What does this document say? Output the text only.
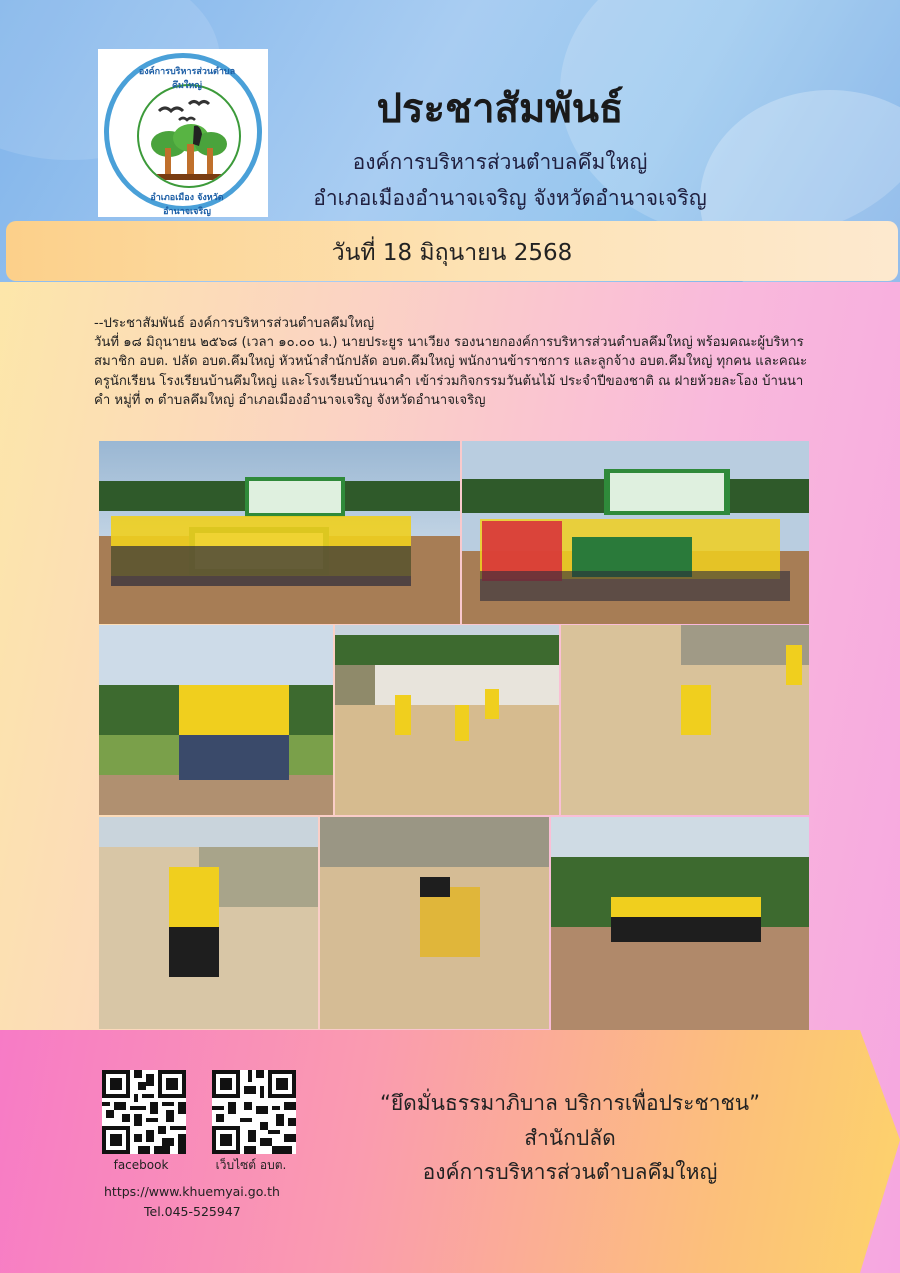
องค์การบริหารส่วนตำบลคึมใหญ่
อำเภอเมือง จังหวัดอำนาจเจริญ
ประชาสัมพันธ์
องค์การบริหารส่วนตำบลคึมใหญ่
อำเภอเมืองอำนาจเจริญ จังหวัดอำนาจเจริญ
วันที่ 18 มิถุนายน 2568

--ประชาสัมพันธ์ องค์การบริหารส่วนตำบลคึมใหญ่

วันที่ ๑๘ มิถุนายน ๒๕๖๘ (เวลา ๑๐.๐๐ น.) นายประยูร นาเวียง รองนายกองค์การบริหารส่วนตำบลคึมใหญ่ พร้อมคณะผู้บริหาร สมาชิก อบต. ปลัด อบต.คึมใหญ่ หัวหน้าสำนักปลัด อบต.คึมใหญ่ พนักงานข้าราชการ และลูกจ้าง อบต.คึมใหญ่ ทุกคน และคณะครูนักเรียน โรงเรียนบ้านคึมใหญ่ และโรงเรียนบ้านนาคำ เข้าร่วมกิจกรรมวันต้นไม้ ประจำปีของชาติ ณ ฝายห้วยละโอง บ้านนาคำ หมู่ที่ ๓ ตำบลคึมใหญ่ อำเภอเมืองอำนาจเจริญ จังหวัดอำนาจเจริญ

facebook	เว็บไซต์ อบต.
https://www.khuemyai.go.th
Tel.045-525947
“ยึดมั่นธรรมาภิบาล บริการเพื่อประชาชน”
สำนักปลัด
องค์การบริหารส่วนตำบลคึมใหญ่
